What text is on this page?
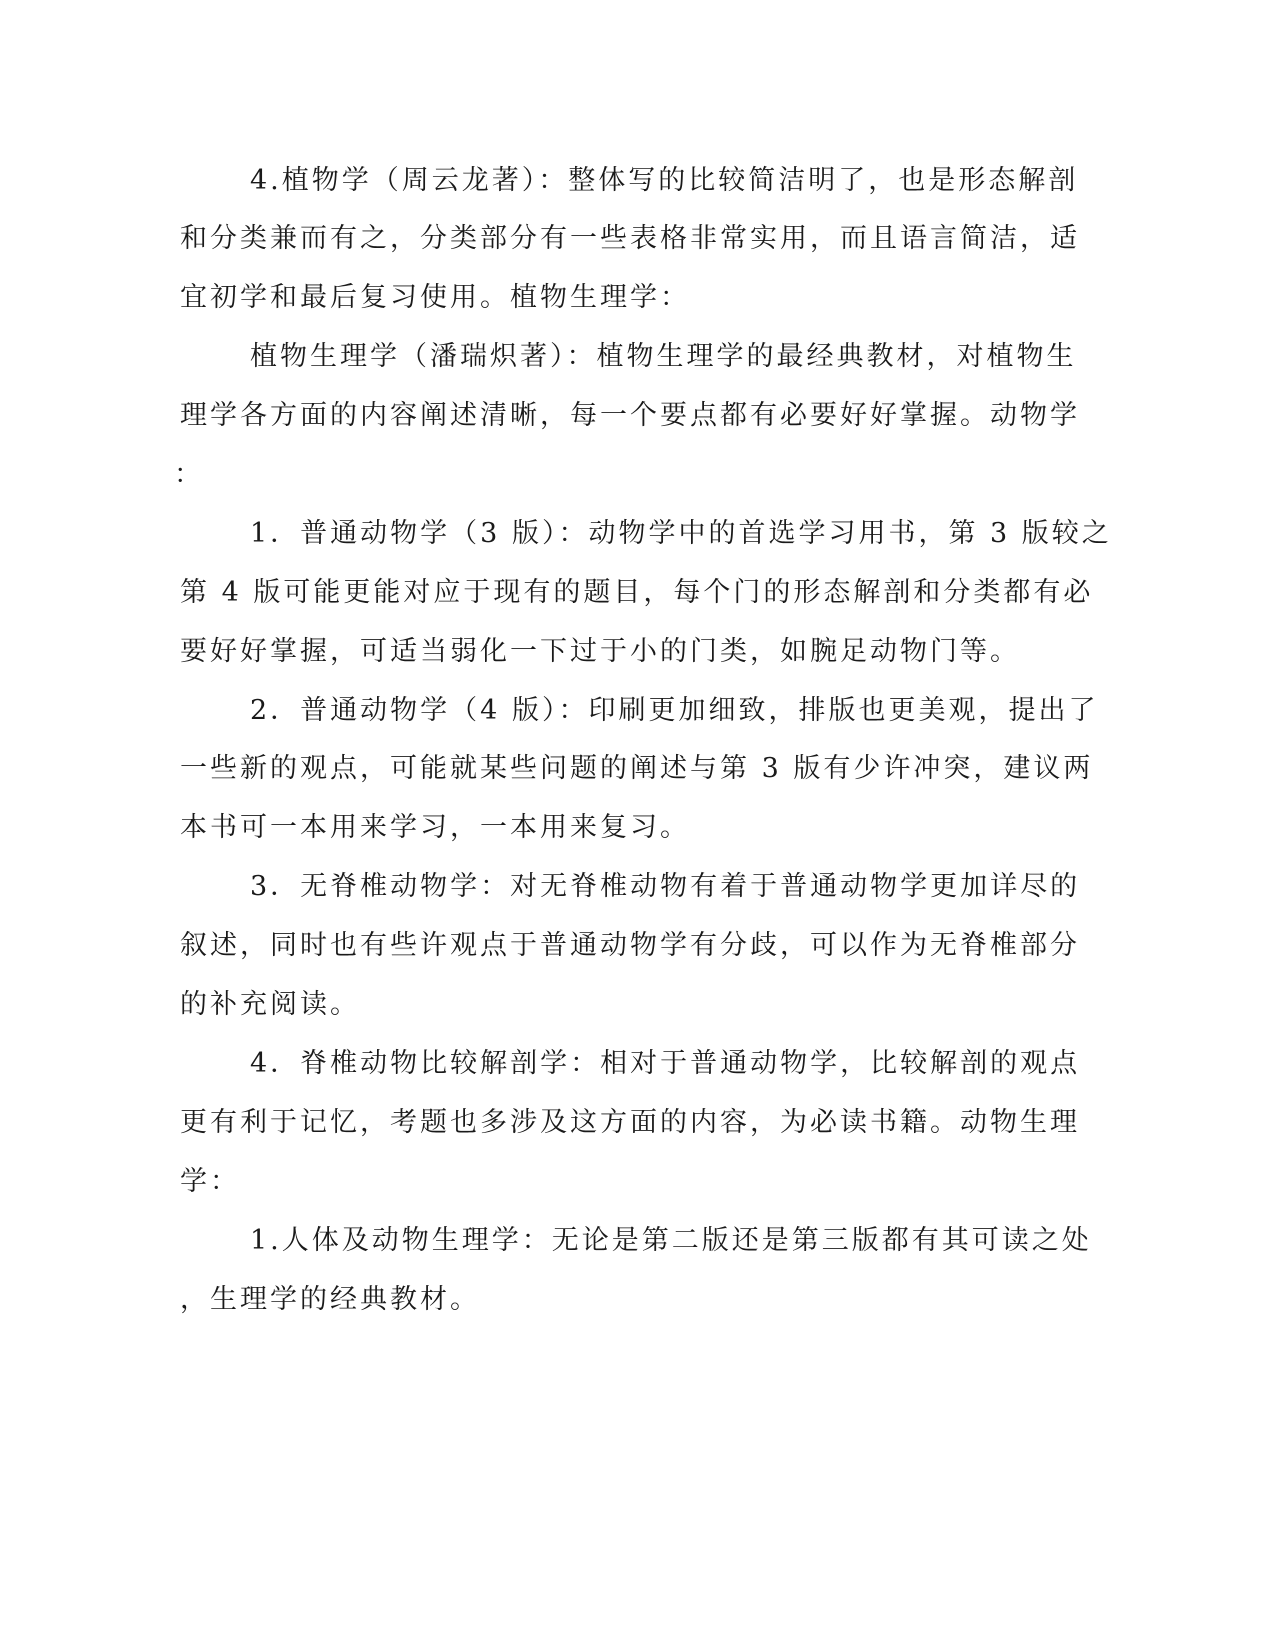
4.植物学（周云龙著）：整体写的比较简洁明了，也是形态解剖
和分类兼而有之，分类部分有一些表格非常实用，而且语言简洁，适
宜初学和最后复习使用。植物生理学：
植物生理学（潘瑞炽著）：植物生理学的最经典教材，对植物生
理学各方面的内容阐述清晰，每一个要点都有必要好好掌握。动物学
：
1．普通动物学（3 版）：动物学中的首选学习用书，第 3 版较之
第 4 版可能更能对应于现有的题目，每个门的形态解剖和分类都有必
要好好掌握，可适当弱化一下过于小的门类，如腕足动物门等。
2．普通动物学（4 版）：印刷更加细致，排版也更美观，提出了
一些新的观点，可能就某些问题的阐述与第 3 版有少许冲突，建议两
本书可一本用来学习，一本用来复习。
3．无脊椎动物学：对无脊椎动物有着于普通动物学更加详尽的
叙述，同时也有些许观点于普通动物学有分歧，可以作为无脊椎部分
的补充阅读。
4．脊椎动物比较解剖学：相对于普通动物学，比较解剖的观点
更有利于记忆，考题也多涉及这方面的内容，为必读书籍。动物生理
学：
1.人体及动物生理学：无论是第二版还是第三版都有其可读之处
，生理学的经典教材。
